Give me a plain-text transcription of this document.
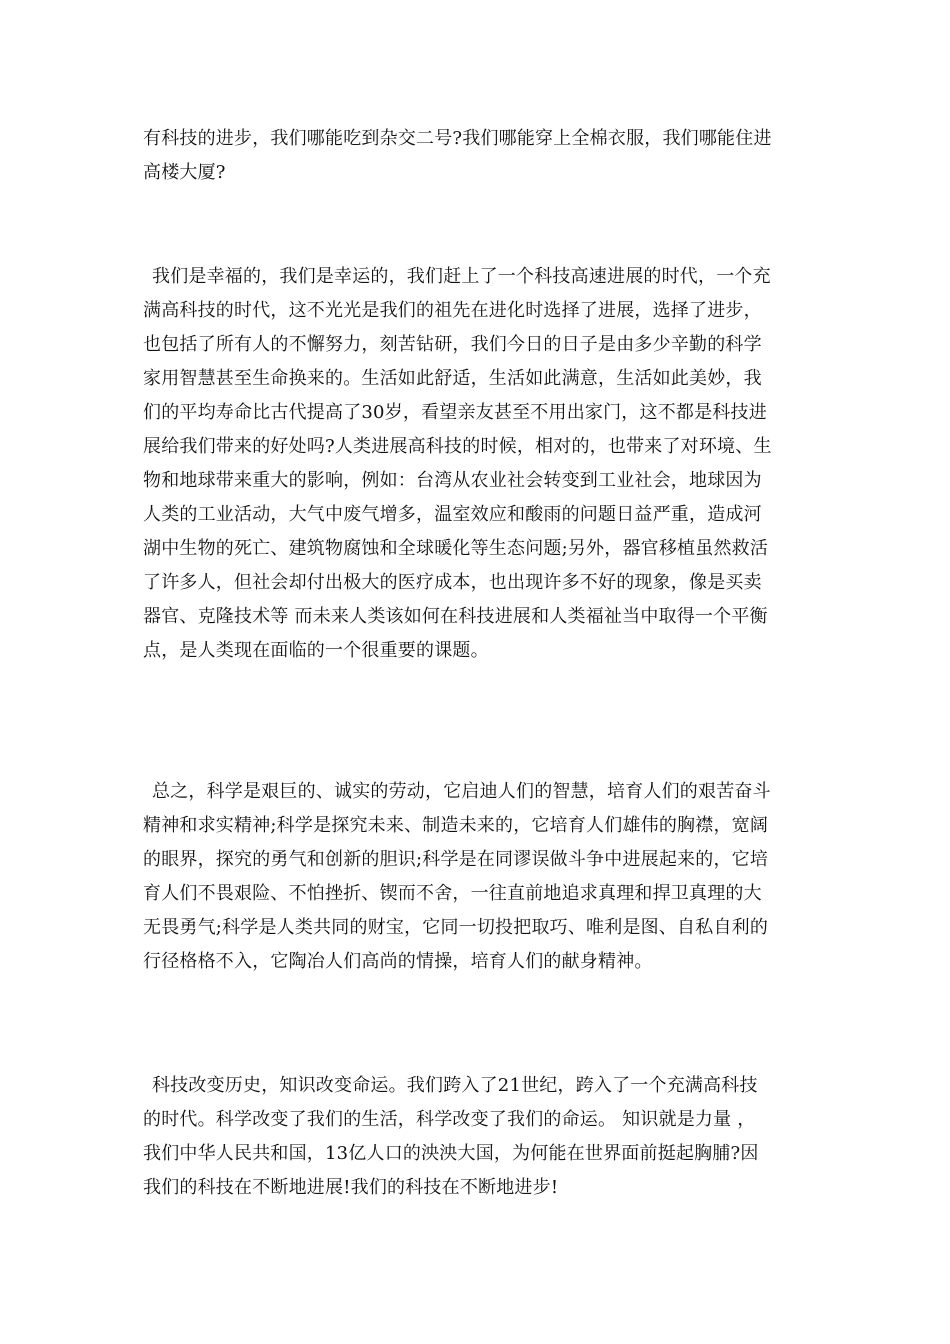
有科技的进步，我们哪能吃到杂交二号?我们哪能穿上全棉衣服，我们哪能住进
高楼大厦?

我们是幸福的，我们是幸运的，我们赶上了一个科技高速进展的时代，一个充
满高科技的时代，这不光光是我们的祖先在进化时选择了进展，选择了进步，
也包括了所有人的不懈努力，刻苦钻研，我们今日的日子是由多少辛勤的科学
家用智慧甚至生命换来的。生活如此舒适，生活如此满意，生活如此美妙，我
们的平均寿命比古代提高了30岁，看望亲友甚至不用出家门，这不都是科技进
展给我们带来的好处吗?人类进展高科技的时候，相对的，也带来了对环境、生
物和地球带来重大的影响，例如：台湾从农业社会转变到工业社会，地球因为
人类的工业活动，大气中废气增多，温室效应和酸雨的问题日益严重，造成河
湖中生物的死亡、建筑物腐蚀和全球暖化等生态问题;另外，器官移植虽然救活
了许多人，但社会却付出极大的医疗成本，也出现许多不好的现象，像是买卖
器官、克隆技术等 而未来人类该如何在科技进展和人类福祉当中取得一个平衡
点，是人类现在面临的一个很重要的课题。

总之，科学是艰巨的、诚实的劳动，它启迪人们的智慧，培育人们的艰苦奋斗
精神和求实精神;科学是探究未来、制造未来的，它培育人们雄伟的胸襟，宽阔
的眼界，探究的勇气和创新的胆识;科学是在同谬误做斗争中进展起来的，它培
育人们不畏艰险、不怕挫折、锲而不舍，一往直前地追求真理和捍卫真理的大
无畏勇气;科学是人类共同的财宝，它同一切投把取巧、唯利是图、自私自利的
行径格格不入，它陶冶人们高尚的情操，培育人们的献身精神。

科技改变历史，知识改变命运。我们跨入了21世纪，跨入了一个充满高科技
的时代。科学改变了我们的生活，科学改变了我们的命运。 知识就是力量 ，
我们中华人民共和国，13亿人口的泱泱大国，为何能在世界面前挺起胸脯?因
我们的科技在不断地进展!我们的科技在不断地进步!
